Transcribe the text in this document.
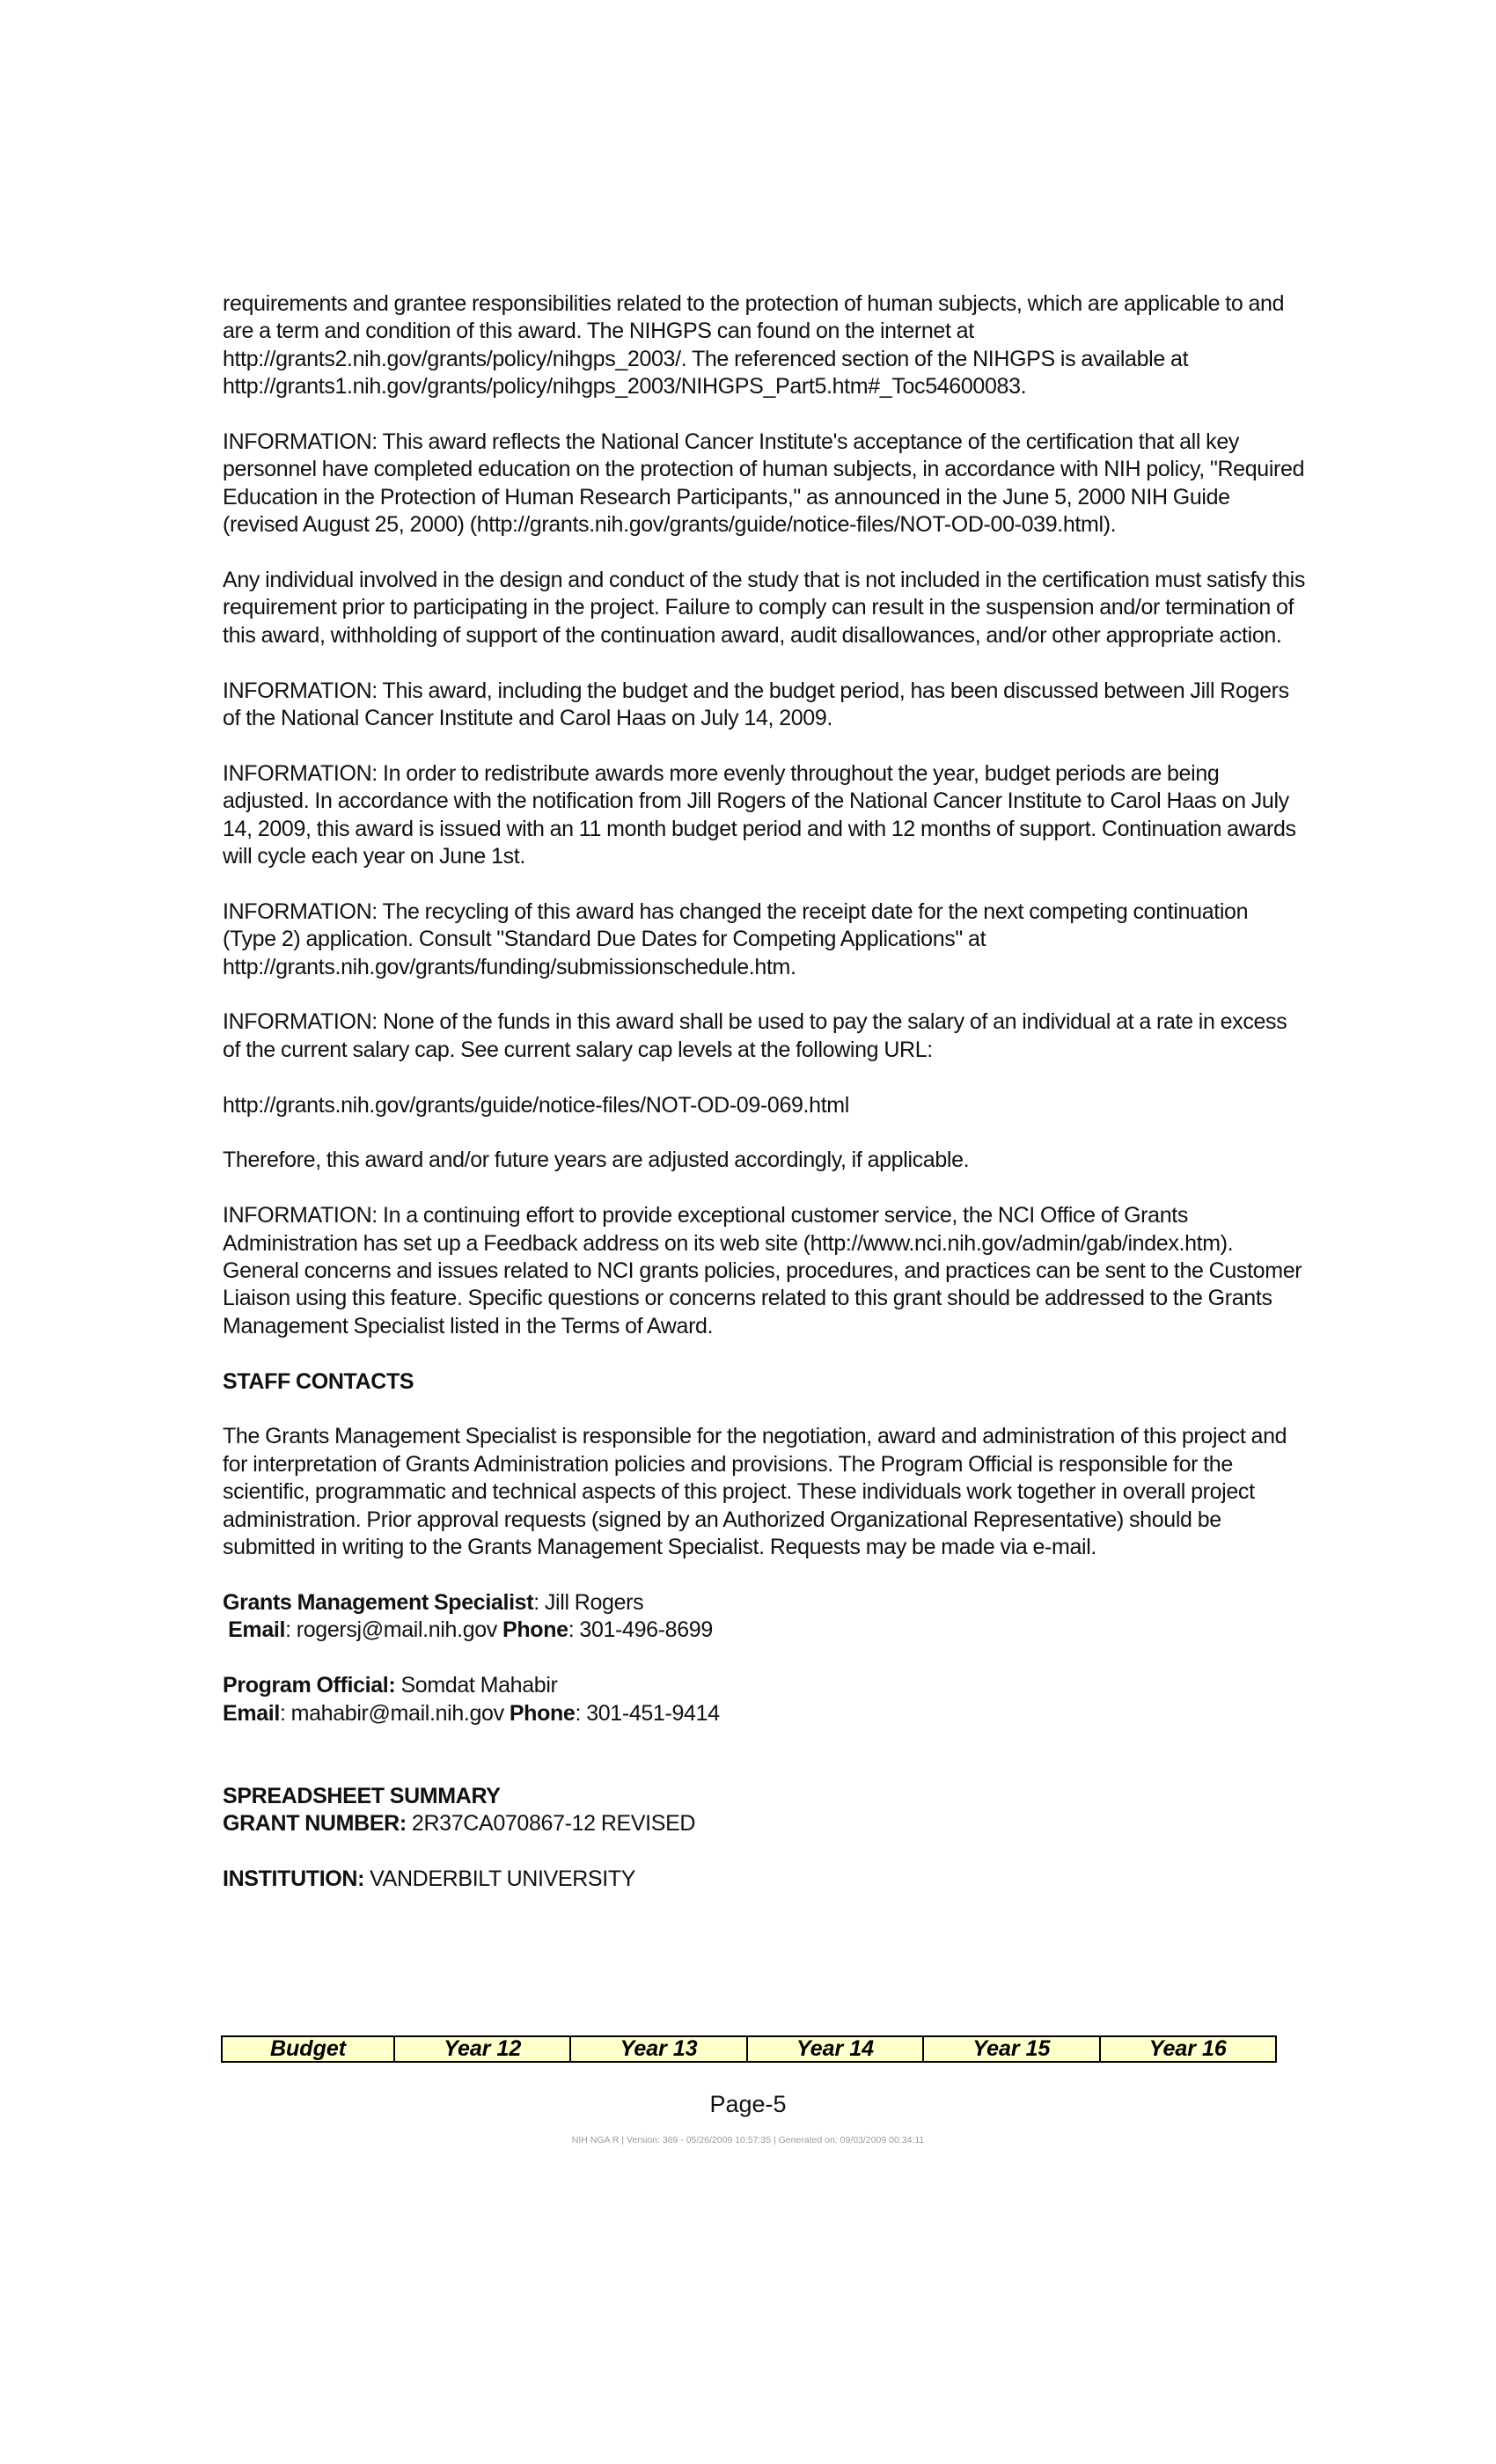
requirements and grantee responsibilities related to the protection of human subjects, which are applicable to and are a term and condition of this award. The NIHGPS can found on the internet at http://grants2.nih.gov/grants/policy/nihgps_2003/. The referenced section of the NIHGPS is available at http://grants1.nih.gov/grants/policy/nihgps_2003/NIHGPS_Part5.htm#_Toc54600083.

INFORMATION: This award reflects the National Cancer Institute's acceptance of the certification that all key personnel have completed education on the protection of human subjects, in accordance with NIH policy, "Required Education in the Protection of Human Research Participants," as announced in the June 5, 2000 NIH Guide (revised August 25, 2000) (http://grants.nih.gov/grants/guide/notice-files/NOT-OD-00-039.html).

Any individual involved in the design and conduct of the study that is not included in the certification must satisfy this requirement prior to participating in the project. Failure to comply can result in the suspension and/or termination of this award, withholding of support of the continuation award, audit disallowances, and/or other appropriate action.

INFORMATION: This award, including the budget and the budget period, has been discussed between Jill Rogers of the National Cancer Institute and Carol Haas on July 14, 2009.

INFORMATION: In order to redistribute awards more evenly throughout the year, budget periods are being adjusted. In accordance with the notification from Jill Rogers of the National Cancer Institute to Carol Haas on July 14, 2009, this award is issued with an 11 month budget period and with 12 months of support. Continuation awards will cycle each year on June 1st.

INFORMATION: The recycling of this award has changed the receipt date for the next competing continuation (Type 2) application. Consult "Standard Due Dates for Competing Applications" at http://grants.nih.gov/grants/funding/submissionschedule.htm.

INFORMATION: None of the funds in this award shall be used to pay the salary of an individual at a rate in excess of the current salary cap. See current salary cap levels at the following URL:

http://grants.nih.gov/grants/guide/notice-files/NOT-OD-09-069.html

Therefore, this award and/or future years are adjusted accordingly, if applicable.

INFORMATION: In a continuing effort to provide exceptional customer service, the NCI Office of Grants Administration has set up a Feedback address on its web site (http://www.nci.nih.gov/admin/gab/index.htm). General concerns and issues related to NCI grants policies, procedures, and practices can be sent to the Customer Liaison using this feature. Specific questions or concerns related to this grant should be addressed to the Grants Management Specialist listed in the Terms of Award.

STAFF CONTACTS

The Grants Management Specialist is responsible for the negotiation, award and administration of this project and for interpretation of Grants Administration policies and provisions. The Program Official is responsible for the scientific, programmatic and technical aspects of this project. These individuals work together in overall project administration. Prior approval requests (signed by an Authorized Organizational Representative) should be submitted in writing to the Grants Management Specialist. Requests may be made via e-mail.

Grants Management Specialist: Jill Rogers

Email: rogersj@mail.nih.gov Phone: 301-496-8699

Program Official: Somdat Mahabir

Email: mahabir@mail.nih.gov Phone: 301-451-9414

SPREADSHEET SUMMARY

GRANT NUMBER: 2R37CA070867-12 REVISED

INSTITUTION: VANDERBILT UNIVERSITY

Budget	Year 12	Year 13	Year 14	Year 15	Year 16
Page-5
NIH NGA R | Version: 369 - 05/26/2009 10:57:35 | Generated on: 09/03/2009 00:34:11
